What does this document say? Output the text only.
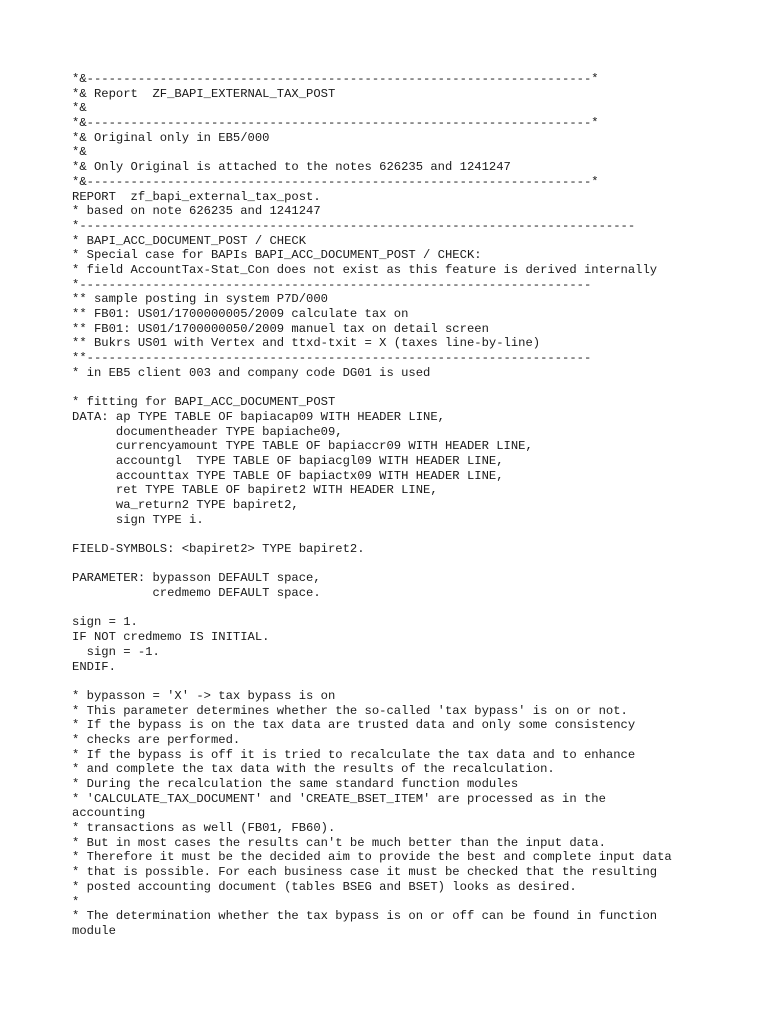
*&---------------------------------------------------------------------*
*& Report  ZF_BAPI_EXTERNAL_TAX_POST
*&
*&---------------------------------------------------------------------*
*& Original only in EB5/000
*&
*& Only Original is attached to the notes 626235 and 1241247
*&---------------------------------------------------------------------*
REPORT  zf_bapi_external_tax_post.
* based on note 626235 and 1241247
*----------------------------------------------------------------------------
* BAPI_ACC_DOCUMENT_POST / CHECK
* Special case for BAPIs BAPI_ACC_DOCUMENT_POST / CHECK:
* field AccountTax-Stat_Con does not exist as this feature is derived internally
*----------------------------------------------------------------------
** sample posting in system P7D/000
** FB01: US01/1700000005/2009 calculate tax on
** FB01: US01/1700000050/2009 manuel tax on detail screen
** Bukrs US01 with Vertex and ttxd-txit = X (taxes line-by-line)
**---------------------------------------------------------------------
* in EB5 client 003 and company code DG01 is used
* fitting for BAPI_ACC_DOCUMENT_POST
DATA: ap TYPE TABLE OF bapiacap09 WITH HEADER LINE,
documentheader TYPE bapiache09,
currencyamount TYPE TABLE OF bapiaccr09 WITH HEADER LINE,
accountgl  TYPE TABLE OF bapiacgl09 WITH HEADER LINE,
accounttax TYPE TABLE OF bapiactx09 WITH HEADER LINE,
ret TYPE TABLE OF bapiret2 WITH HEADER LINE,
wa_return2 TYPE bapiret2,
sign TYPE i.
FIELD-SYMBOLS: <bapiret2> TYPE bapiret2.
PARAMETER: bypasson DEFAULT space,
credmemo DEFAULT space.
sign = 1.
IF NOT credmemo IS INITIAL.
sign = -1.
ENDIF.
* bypasson = 'X' -> tax bypass is on
* This parameter determines whether the so-called 'tax bypass' is on or not.
* If the bypass is on the tax data are trusted data and only some consistency
* checks are performed.
* If the bypass is off it is tried to recalculate the tax data and to enhance
* and complete the tax data with the results of the recalculation.
* During the recalculation the same standard function modules
* 'CALCULATE_TAX_DOCUMENT' and 'CREATE_BSET_ITEM' are processed as in the
accounting
* transactions as well (FB01, FB60).
* But in most cases the results can't be much better than the input data.
* Therefore it must be the decided aim to provide the best and complete input data
* that is possible. For each business case it must be checked that the resulting
* posted accounting document (tables BSEG and BSET) looks as desired.
*
* The determination whether the tax bypass is on or off can be found in function
module
